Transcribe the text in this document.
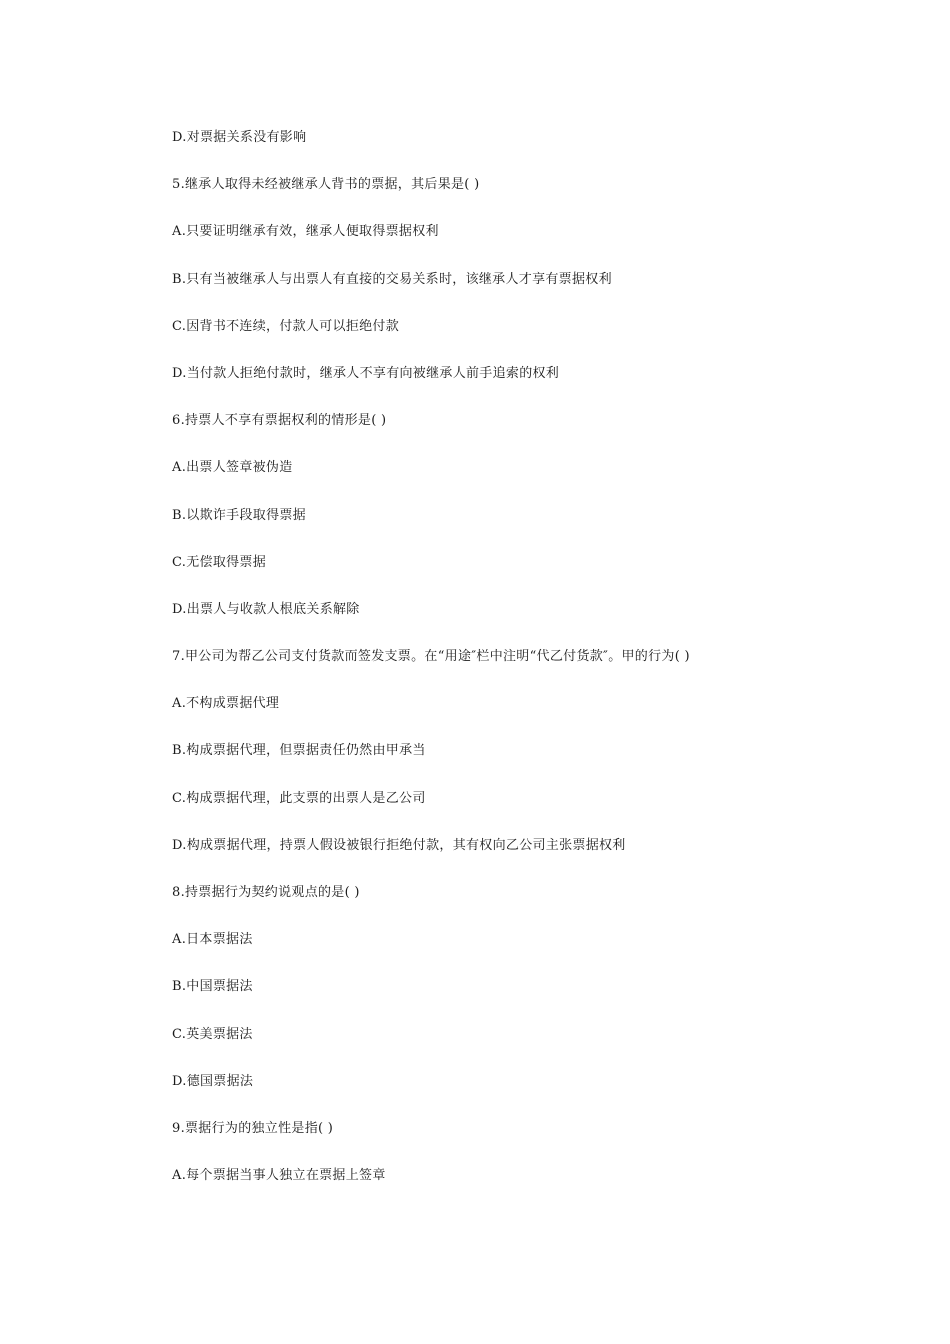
D.对票据关系没有影响
5.继承人取得未经被继承人背书的票据，其后果是( )
A.只要证明继承有效，继承人便取得票据权利
B.只有当被继承人与出票人有直接的交易关系时，该继承人才享有票据权利
C.因背书不连续，付款人可以拒绝付款
D.当付款人拒绝付款时，继承人不享有向被继承人前手追索的权利
6.持票人不享有票据权利的情形是( )
A.出票人签章被伪造
B.以欺诈手段取得票据
C.无偿取得票据
D.出票人与收款人根底关系解除
7.甲公司为帮乙公司支付货款而签发支票。在“用途″栏中注明“代乙付货款″。甲的行为( )
A.不构成票据代理
B.构成票据代理，但票据责任仍然由甲承当
C.构成票据代理，此支票的出票人是乙公司
D.构成票据代理，持票人假设被银行拒绝付款，其有权向乙公司主张票据权利
8.持票据行为契约说观点的是( )
A.日本票据法
B.中国票据法
C.英美票据法
D.德国票据法
9.票据行为的独立性是指( )
A.每个票据当事人独立在票据上签章
